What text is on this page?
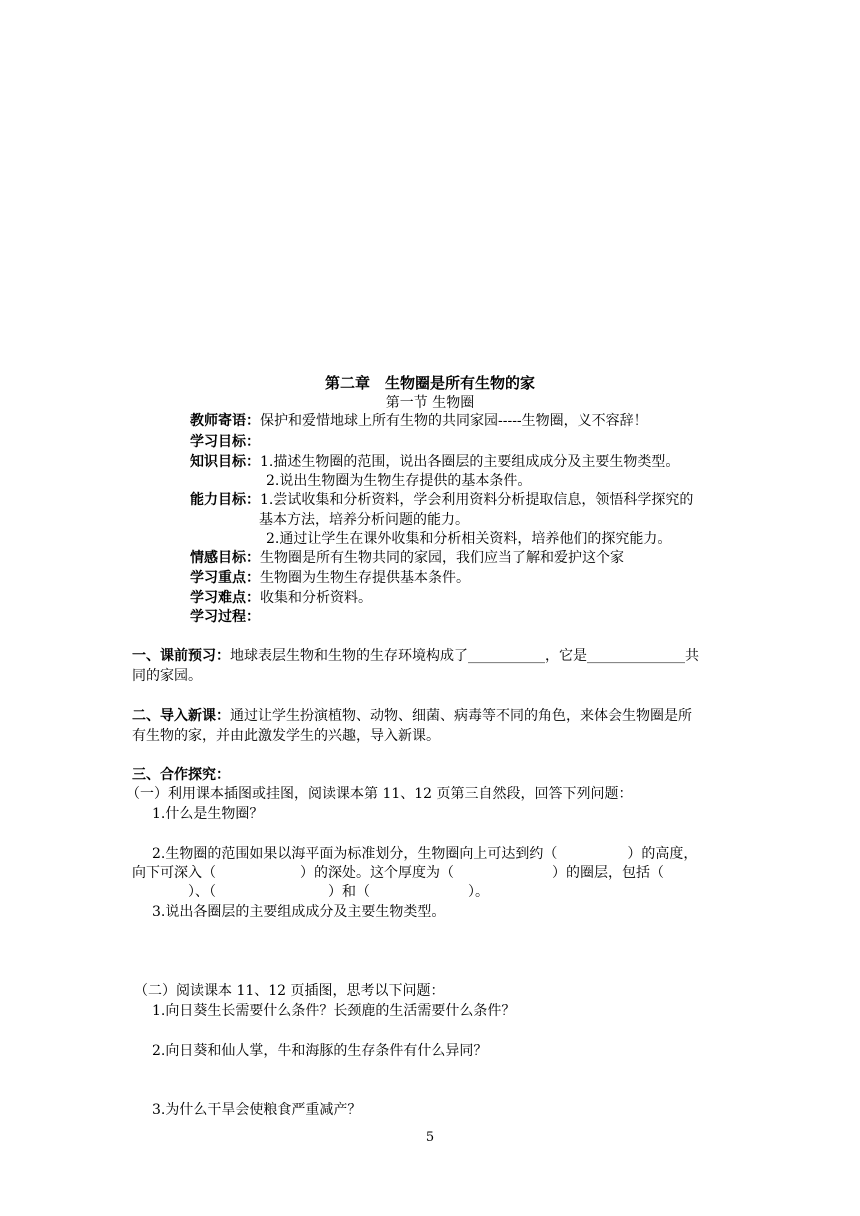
第二章　生物圈是所有生物的家
第一节 生物圈
教师寄语：保护和爱惜地球上所有生物的共同家园-----生物圈，义不容辞！
学习目标：
知识目标：1.描述生物圈的范围，说出各圈层的主要组成成分及主要生物类型。
2.说出生物圈为生物生存提供的基本条件。
能力目标：1.尝试收集和分析资料，学会利用资料分析提取信息，领悟科学探究的
基本方法，培养分析问题的能力。
2.通过让学生在课外收集和分析相关资料，培养他们的探究能力。
情感目标：生物圈是所有生物共同的家园，我们应当了解和爱护这个家
学习重点：生物圈为生物生存提供基本条件。
学习难点：收集和分析资料。
学习过程：
一、课前预习：地球表层生物和生物的生存环境构成了___________，它是______________共
同的家园。
二、导入新课：通过让学生扮演植物、动物、细菌、病毒等不同的角色，来体会生物圈是所
有生物的家，并由此激发学生的兴趣，导入新课。
三、合作探究：
（一）利用课本插图或挂图，阅读课本第 11、12 页第三自然段，回答下列问题：
1.什么是生物圈？
2.生物圈的范围如果以海平面为标准划分，生物圈向上可达到约（　　　　　）的高度，
向下可深入（　　　　　　）的深处。这个厚度为（　　　　　　　）的圈层，包括（
　　　　）、（　　　　　　　　）和（　　　　　　　）。
3.说出各圈层的主要组成成分及主要生物类型。
（二）阅读课本 11、12 页插图，思考以下问题：
1.向日葵生长需要什么条件？长颈鹿的生活需要什么条件？
2.向日葵和仙人掌，牛和海豚的生存条件有什么异同？
3.为什么干旱会使粮食严重减产？
5
